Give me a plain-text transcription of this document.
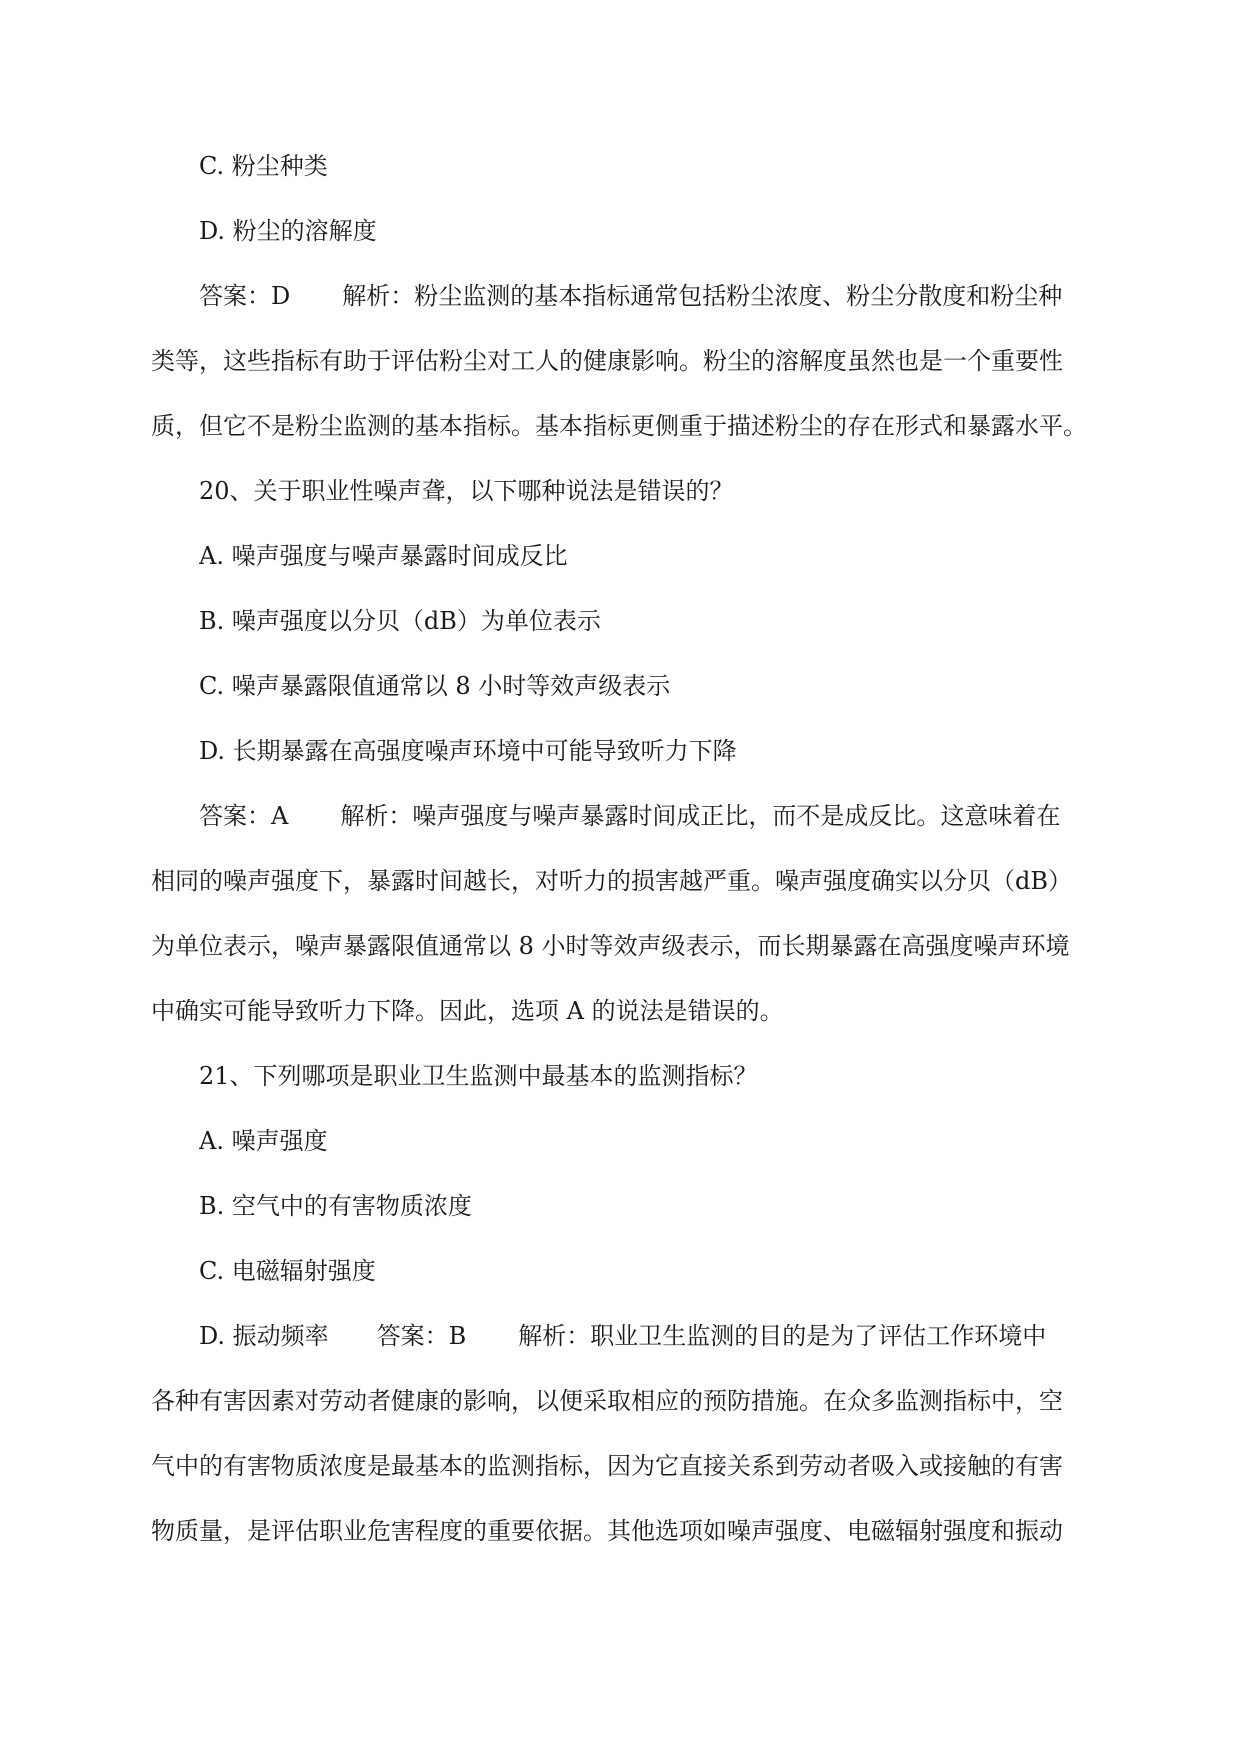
C. 粉尘种类
D. 粉尘的溶解度
答案：D 解析：粉尘监测的基本指标通常包括粉尘浓度、粉尘分散度和粉尘种
类等，这些指标有助于评估粉尘对工人的健康影响。粉尘的溶解度虽然也是一个重要性
质，但它不是粉尘监测的基本指标。基本指标更侧重于描述粉尘的存在形式和暴露水平。
20、关于职业性噪声聋，以下哪种说法是错误的？
A. 噪声强度与噪声暴露时间成反比
B. 噪声强度以分贝（dB）为单位表示
C. 噪声暴露限值通常以 8 小时等效声级表示
D. 长期暴露在高强度噪声环境中可能导致听力下降
答案：A 解析：噪声强度与噪声暴露时间成正比，而不是成反比。这意味着在
相同的噪声强度下，暴露时间越长，对听力的损害越严重。噪声强度确实以分贝（dB）
为单位表示，噪声暴露限值通常以 8 小时等效声级表示，而长期暴露在高强度噪声环境
中确实可能导致听力下降。因此，选项 A 的说法是错误的。
21、下列哪项是职业卫生监测中最基本的监测指标？
A. 噪声强度
B. 空气中的有害物质浓度
C. 电磁辐射强度
D. 振动频率 答案：B 解析：职业卫生监测的目的是为了评估工作环境中
各种有害因素对劳动者健康的影响，以便采取相应的预防措施。在众多监测指标中，空
气中的有害物质浓度是最基本的监测指标，因为它直接关系到劳动者吸入或接触的有害
物质量，是评估职业危害程度的重要依据。其他选项如噪声强度、电磁辐射强度和振动
